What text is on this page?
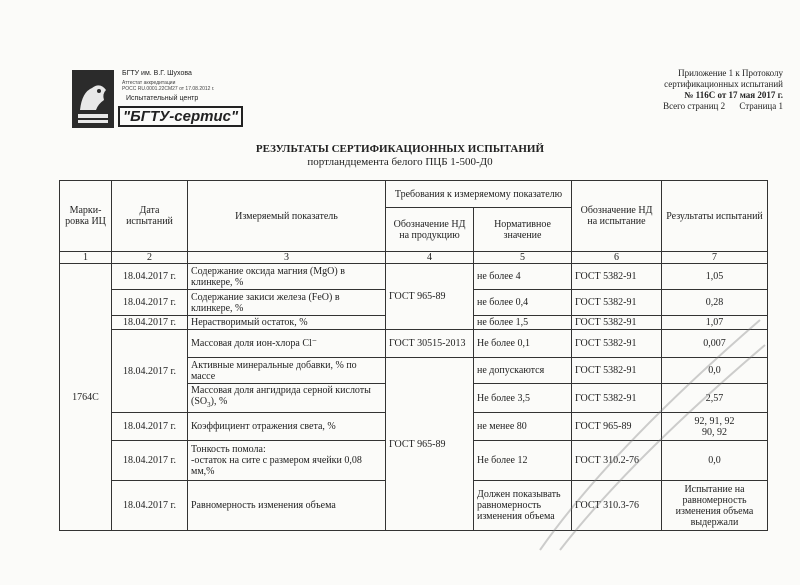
БГТУ им. В.Г. Шухова
Аттестат аккредитации
РОСС RU.0001.22СМ27 от 17.08.2012 г.
Испытательный центр
"БГТУ-сертис"
Приложение 1 к Протоколу
сертификационных испытаний
№ 116С от 17 мая 2017 г.
Всего страниц 2 Страница 1
РЕЗУЛЬТАТЫ СЕРТИФИКАЦИОННЫХ ИСПЫТАНИЙ
портландцемента белого ПЦБ 1-500-Д0
Марки-ровка ИЦ	Дата испытаний	Измеряемый показатель	Требования к измеряемому показателю		Обозначение НД на испытание	Результаты испытаний
			Обозначение НД на продукцию	Нормативное значение		
1	2	3	4	5	6	7
1764С	18.04.2017 г.	Содержание оксида магния (MgO) в клинкере, %	ГОСТ 965-89	не более 4	ГОСТ 5382-91	1,05
	18.04.2017 г.	Содержание закиси железа (FeO) в клинкере, %		не более 0,4	ГОСТ 5382-91	0,28
	18.04.2017 г.	Нерастворимый остаток, %		не более 1,5	ГОСТ 5382-91	1,07
	18.04.2017 г.	Массовая доля ион-хлора Cl⁻	ГОСТ 30515-2013	Не более 0,1	ГОСТ 5382-91	0,007
		Активные минеральные добавки, % по массе	ГОСТ 965-89	не допускаются	ГОСТ 5382-91	0,0
		Массовая доля ангидрида серной кислоты $(SO_3)$, %		Не более 3,5	ГОСТ 5382-91	2,57
	18.04.2017 г.	Коэффициент отражения света, %		не менее 80	ГОСТ 965-89	92, 91, 92
90, 92
	18.04.2017 г.	Тонкость помола:
-остаток на сите с размером ячейки 0,08 мм,%		Не более 12	ГОСТ 310.2-76	0,0
	18.04.2017 г.	Равномерность изменения объема		Должен показывать равномерность изменения объема	ГОСТ 310.3-76	Испытание на равномерность изменения объема выдержали
